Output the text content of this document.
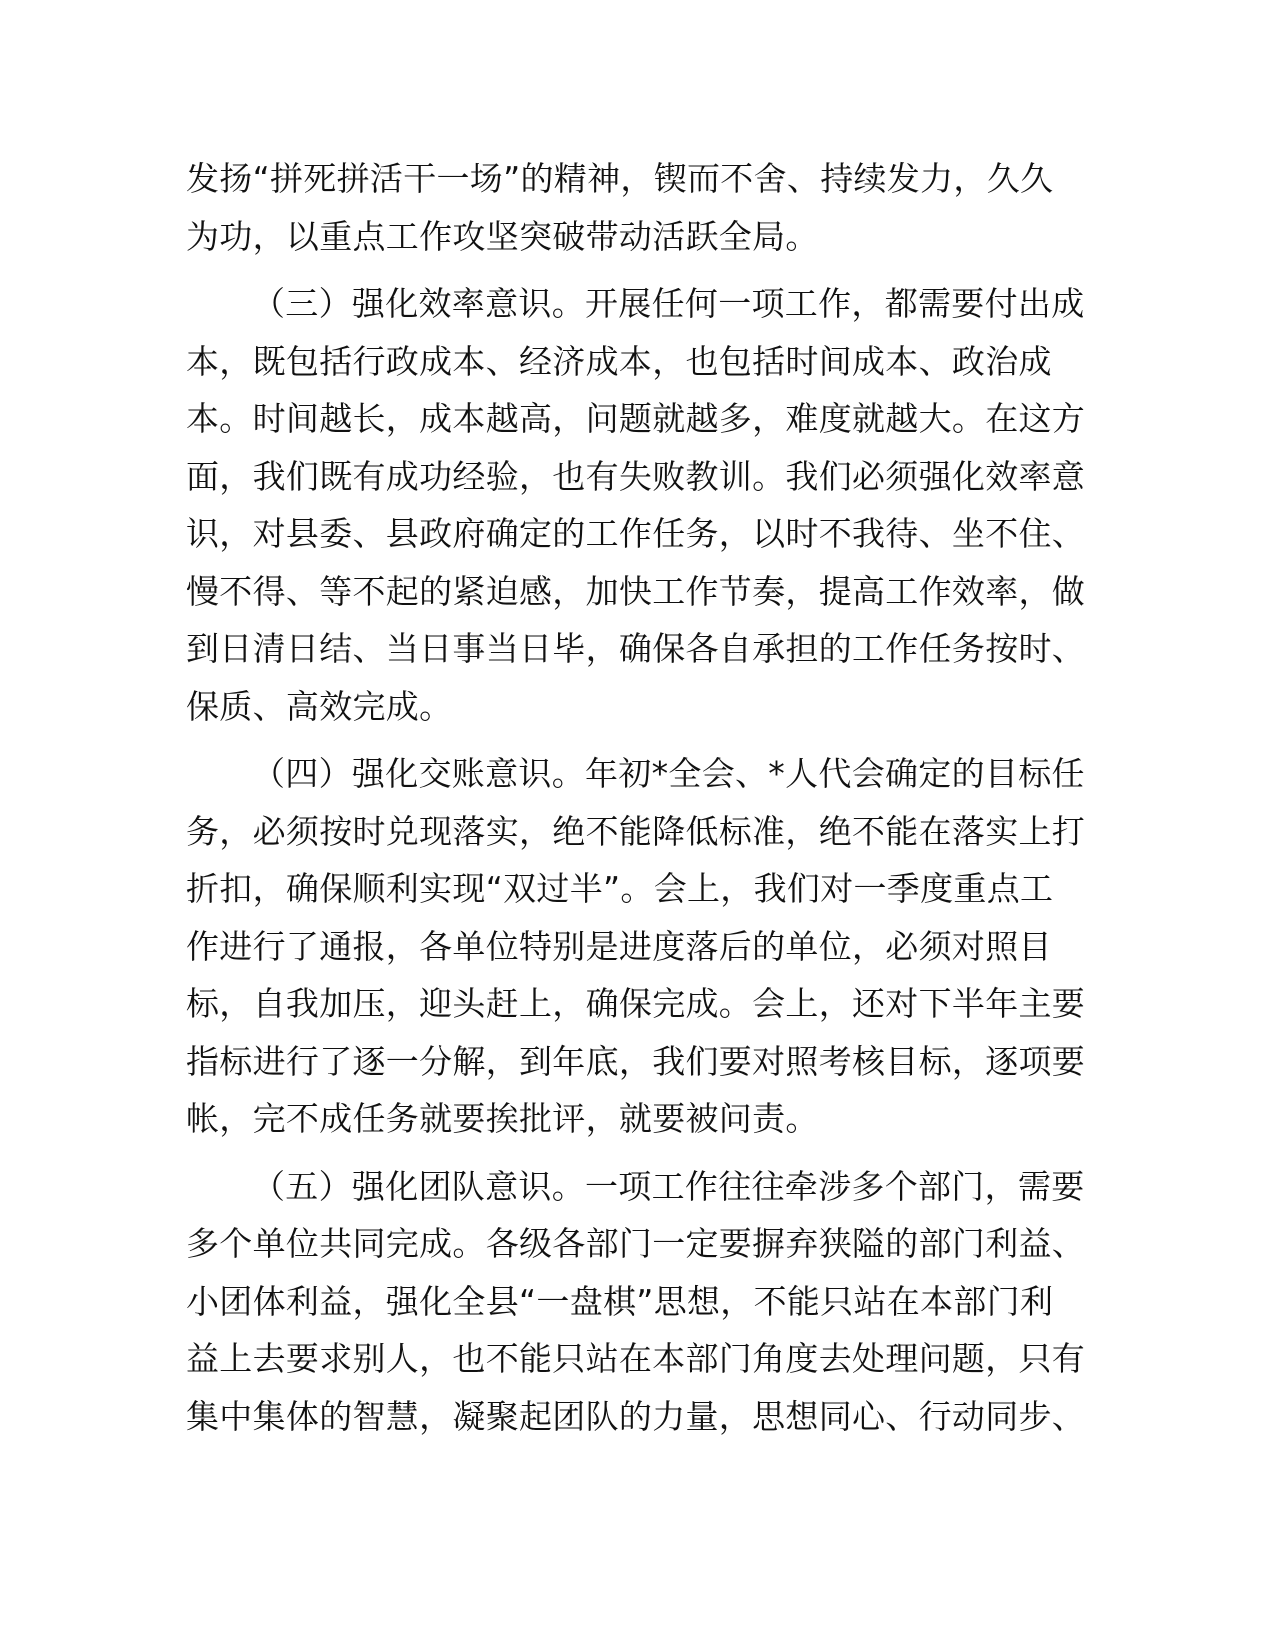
发扬“拼死拼活干一场”的精神，锲而不舍、持续发力，久久
为功，以重点工作攻坚突破带动活跃全局。

（三）强化效率意识。开展任何一项工作，都需要付出成
本，既包括行政成本、经济成本，也包括时间成本、政治成
本。时间越长，成本越高，问题就越多，难度就越大。在这方
面，我们既有成功经验，也有失败教训。我们必须强化效率意
识，对县委、县政府确定的工作任务，以时不我待、坐不住、
慢不得、等不起的紧迫感，加快工作节奏，提高工作效率，做
到日清日结、当日事当日毕，确保各自承担的工作任务按时、
保质、高效完成。

（四）强化交账意识。年初*全会、*人代会确定的目标任
务，必须按时兑现落实，绝不能降低标准，绝不能在落实上打
折扣，确保顺利实现“双过半”。会上，我们对一季度重点工
作进行了通报，各单位特别是进度落后的单位，必须对照目
标，自我加压，迎头赶上，确保完成。会上，还对下半年主要
指标进行了逐一分解，到年底，我们要对照考核目标，逐项要
帐，完不成任务就要挨批评，就要被问责。

（五）强化团队意识。一项工作往往牵涉多个部门，需要
多个单位共同完成。各级各部门一定要摒弃狭隘的部门利益、
小团体利益，强化全县“一盘棋”思想，不能只站在本部门利
益上去要求别人，也不能只站在本部门角度去处理问题，只有
集中集体的智慧，凝聚起团队的力量，思想同心、行动同步、
